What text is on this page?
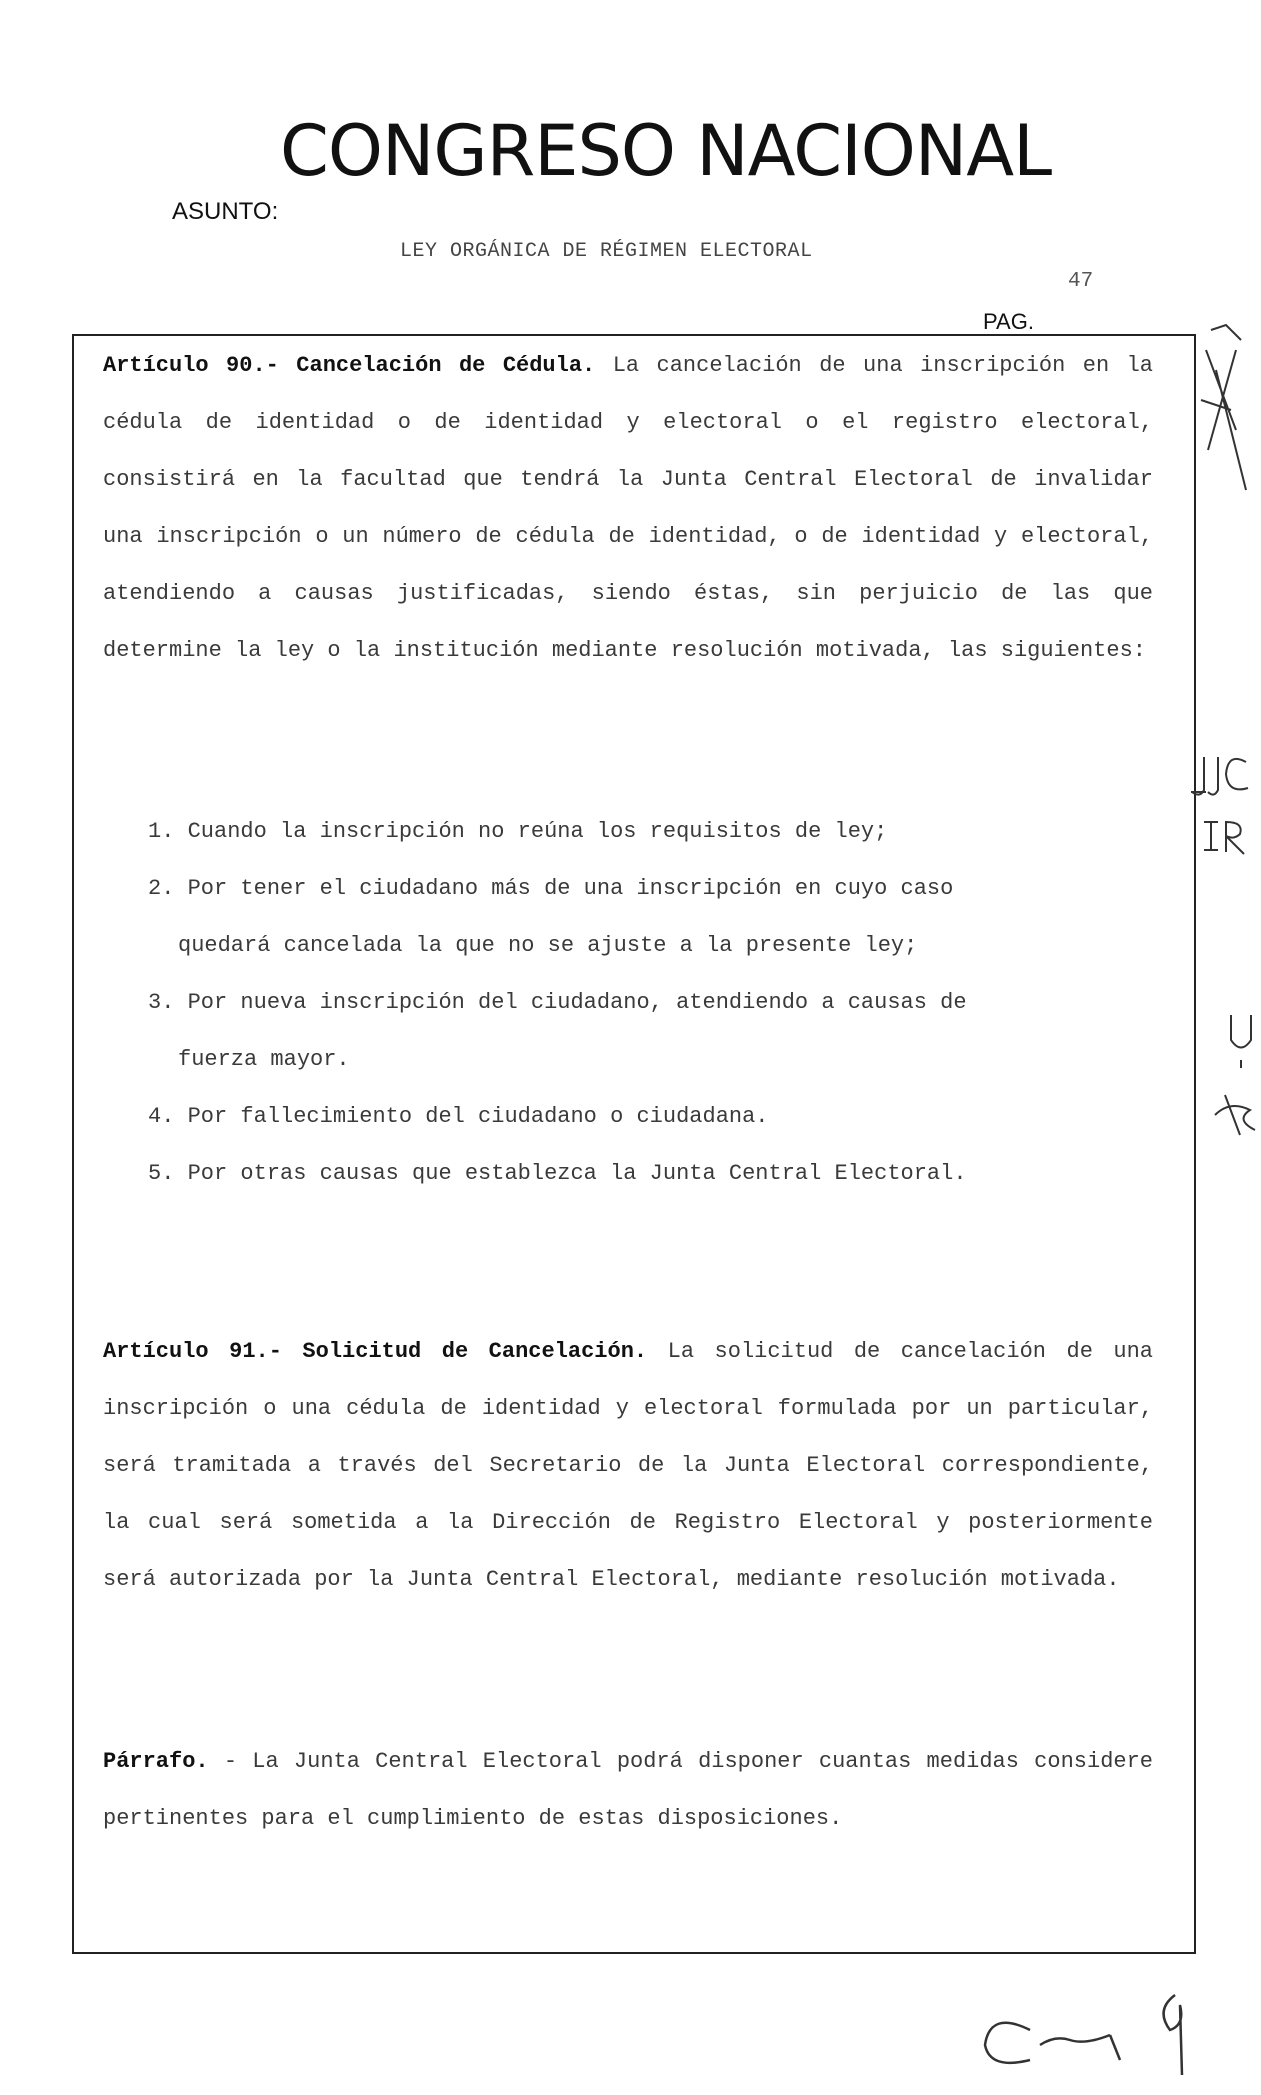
CONGRESO NACIONAL
ASUNTO:
LEY ORGÁNICA DE RÉGIMEN ELECTORAL
47
PAG.

Artículo 90.- Cancelación de Cédula. La cancelación de una inscripción en la cédula de identidad o de identidad y electoral o el registro electoral, consistirá en la facultad que tendrá la Junta Central Electoral de invalidar una inscripción o un número de cédula de identidad, o de identidad y electoral, atendiendo a causas justificadas, siendo éstas, sin perjuicio de las que determine la ley o la institución mediante resolución motivada, las siguientes:

1. Cuando la inscripción no reúna los requisitos de ley;
2. Por tener el ciudadano más de una inscripción en cuyo caso
quedará cancelada la que no se ajuste a la presente ley;
3. Por nueva inscripción del ciudadano, atendiendo a causas de
fuerza mayor.
4. Por fallecimiento del ciudadano o ciudadana.
5. Por otras causas que establezca la Junta Central Electoral.

Artículo 91.- Solicitud de Cancelación. La solicitud de cancelación de una inscripción o una cédula de identidad y electoral formulada por un particular, será tramitada a través del Secretario de la Junta Electoral correspondiente, la cual será sometida a la Dirección de Registro Electoral y posteriormente será autorizada por la Junta Central Electoral, mediante resolución motivada.

Párrafo. - La Junta Central Electoral podrá disponer cuantas medidas considere pertinentes para el cumplimiento de estas disposiciones.
